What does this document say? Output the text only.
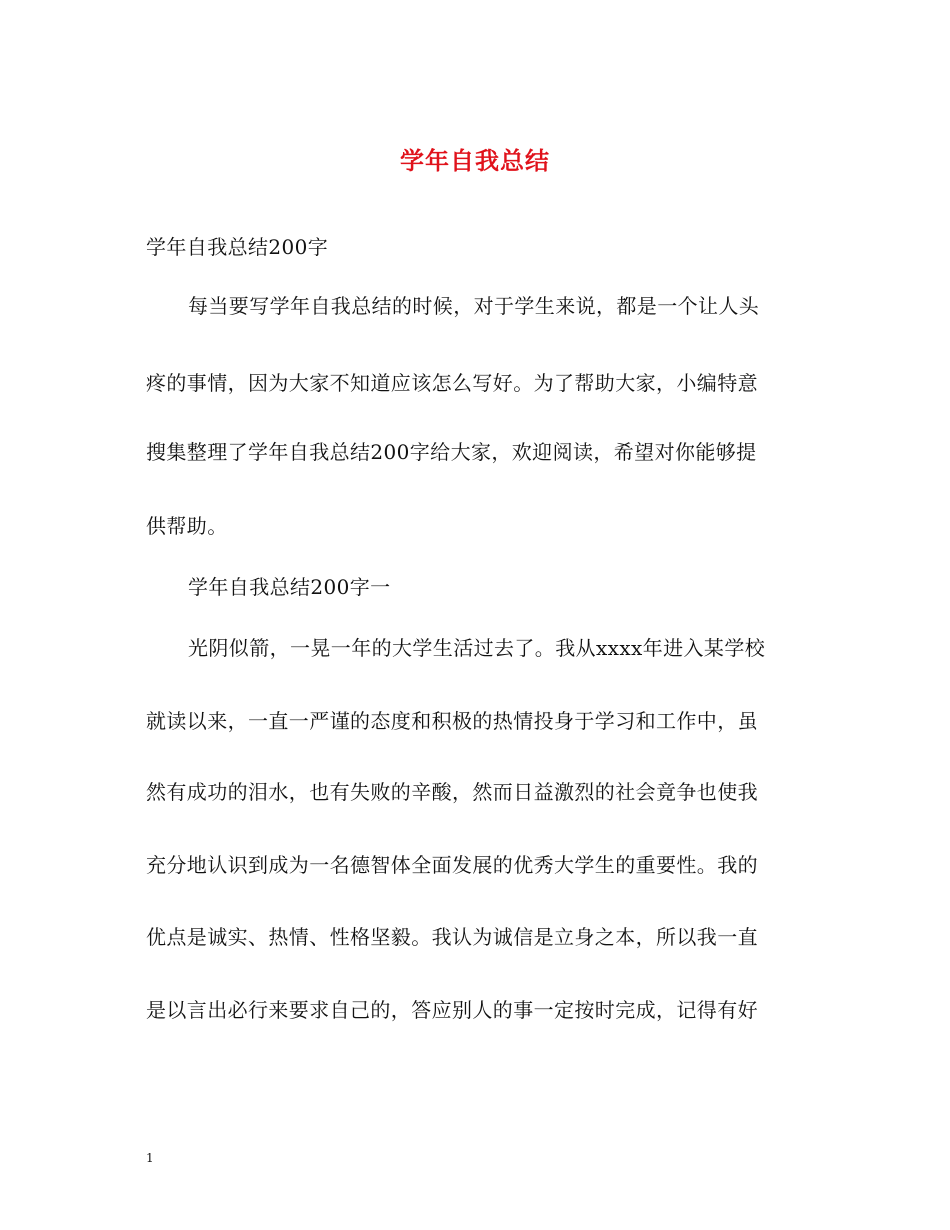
学年自我总结
学年自我总结200字
每当要写学年自我总结的时候，对于学生来说，都是一个让人头
疼的事情，因为大家不知道应该怎么写好。为了帮助大家，小编特意
搜集整理了学年自我总结200字给大家，欢迎阅读，希望对你能够提
供帮助。
学年自我总结200字一
光阴似箭，一晃一年的大学生活过去了。我从xxxx年进入某学校
就读以来，一直一严谨的态度和积极的热情投身于学习和工作中，虽
然有成功的泪水，也有失败的辛酸，然而日益激烈的社会竟争也使我
充分地认识到成为一名德智体全面发展的优秀大学生的重要性。我的
优点是诚实、热情、性格坚毅。我认为诚信是立身之本，所以我一直
是以言出必行来要求自己的，答应别人的事一定按时完成，记得有好
1
